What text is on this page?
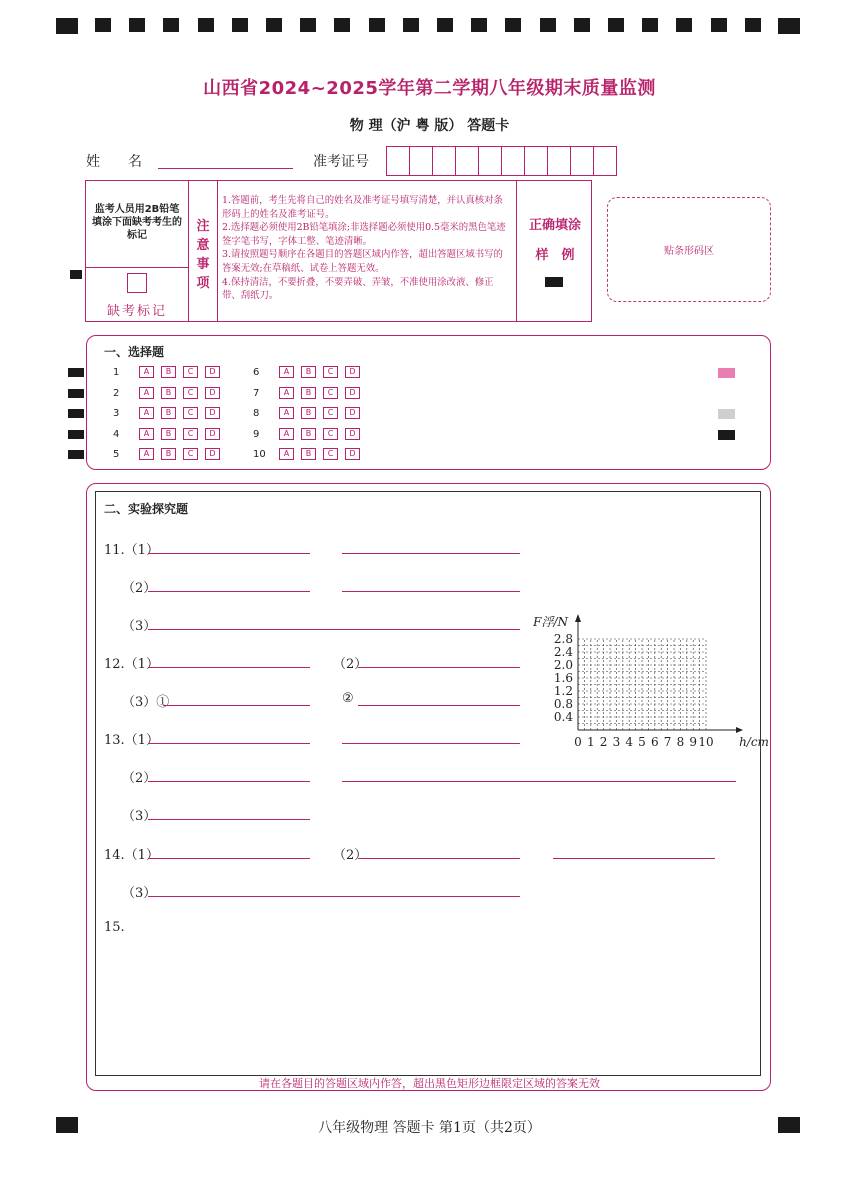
山西省2024~2025学年第二学期八年级期末质量监测
物 理（沪 粤 版） 答题卡
姓　　名	准考证号
监考人员用2B铅笔填涂下面缺考考生的标记
缺考标记
注意事项
1.答题前，考生先将自己的姓名及准考证号填写清楚，并认真核对条形码上的姓名及准考证号。
2.选择题必须使用2B铅笔填涂;非选择题必须使用0.5毫米的黑色笔迹签字笔书写，字体工整、笔迹清晰。
3.请按照题号顺序在各题目的答题区域内作答，超出答题区域书写的答案无效;在草稿纸、试卷上答题无效。
4.保持清洁，不要折叠，不要弄破、弄皱，不准使用涂改液、修正带、刮纸刀。
正确填涂
样　例	贴条形码区
一、选择题
1	A B C D	6	A B C D
2	A B C D	7	A B C D
3	A B C D	8	A B C D
4	A B C D	9	A B C D
5	A B C D	10 A B C D
二、实验探究题
11.（1）
（2）
（3）
12.（1）	（2）
（3）①	②
13.（1）
（2）
（3）
14.（1）	（2）
（3）
15.
2.8
2.4
2.0
1.6
1.2
0.8
0.4
0 1 2 3 4 5 6 7 8 9 10
F浮/N
h/cm
请在各题目的答题区域内作答，超出黑色矩形边框限定区域的答案无效
八年级物理 答题卡 第1页（共2页）
